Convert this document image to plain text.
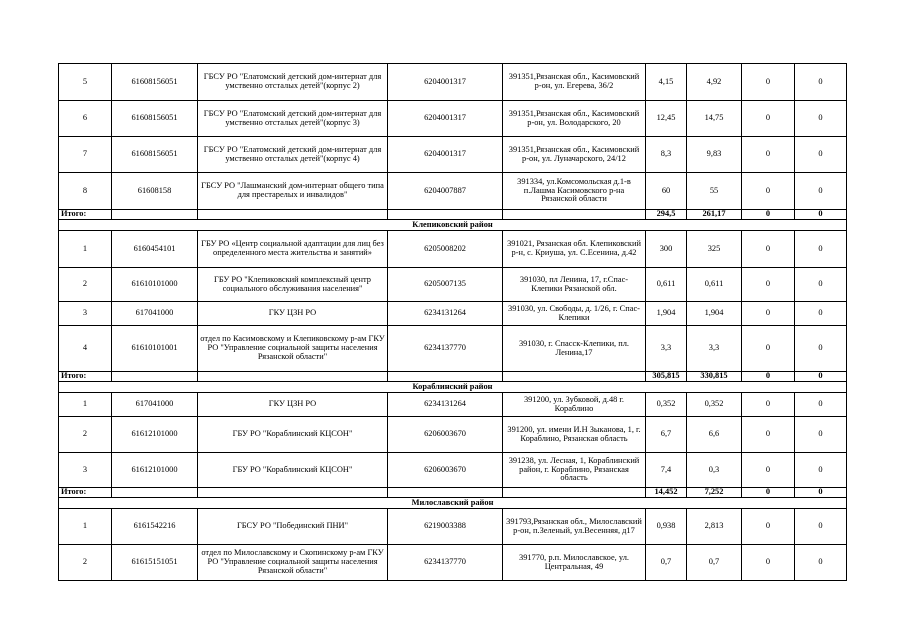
5	61608156051	ГБСУ РО "Елатомский детский дом-интернат для умственно отсталых детей"(корпус 2)	6204001317	391351,Рязанская обл., Касимовский р-он, ул. Егерева, 36/2	4,15	4,92	0	0
6	61608156051	ГБСУ РО "Елатомский детский дом-интернат для умственно отсталых детей"(корпус 3)	6204001317	391351,Рязанская обл., Касимовский р-он, ул. Володарского, 20	12,45	14,75	0	0
7	61608156051	ГБСУ РО "Елатомский детский дом-интернат для умственно отсталых детей"(корпус 4)	6204001317	391351,Рязанская обл., Касимовский р-он, ул. Луначарского, 24/12	8,3	9,83	0	0
8	61608158	ГБСУ РО "Лашманский дом-интернат общего типа для престарелых и инвалидов"	6204007887	391334, ул.Комсомольская д.1-в п.Лашма Касимовского р-на Рязанской области	60	55	0	0
Итого:					294,5	261,17	0	0
Клепиковский район								
1	6160454101	ГБУ РО «Центр социальной адаптации для лиц без определенного места жительства и занятий»	6205008202	391021, Рязанская обл. Клепиковский р-н, с. Криуша, ул. С.Есенина, д.42	300	325	0	0
2	61610101000	ГБУ РО "Клепиковский комплексный центр социального обслуживания населения"	6205007135	391030, пл Ленина, 17, г.Спас-Клепики Рязанской обл.	0,611	0,611	0	0
3	617041000	ГКУ ЦЗН РО	6234131264	391030, ул. Свободы, д. 1/26, г. Спас-Клепики	1,904	1,904	0	0
4	61610101001	отдел по Касимовскому и Клепиковскому р-ам ГКУ РО "Управление социальной защиты населения Рязанской области"	6234137770	391030, г. Спасск-Клепики, пл. Ленина,17	3,3	3,3	0	0
Итого:					305,815	330,815	0	0
Кораблинский район								
1	617041000	ГКУ ЦЗН РО	6234131264	391200, ул. Зубковой, д.48 г. Кораблино	0,352	0,352	0	0
2	61612101000	ГБУ РО "Кораблинский КЦСОН"	6206003670	391200, ул. имени И.Н Зыканова, 1, г. Кораблино, Рязанская область	6,7	6,6	0	0
3	61612101000	ГБУ РО "Кораблинский КЦСОН"	6206003670	391238, ул. Лесная, 1, Кораблинский район, г. Кораблино, Рязанская область	7,4	0,3	0	0
Итого:					14,452	7,252	0	0
Милославский район								
1	6161542216	ГБСУ РО "Побединский ПНИ"	6219003388	391793,Рязанская обл., Милославский р-он, п.Зеленый, ул.Весенняя, д17	0,938	2,813	0	0
2	61615151051	отдел по Милославскому и Скопинскому р-ам ГКУ РО "Управление социальной защиты населения Рязанской области"	6234137770	391770, р.п. Милославское, ул. Центральная, 49	0,7	0,7	0	0
